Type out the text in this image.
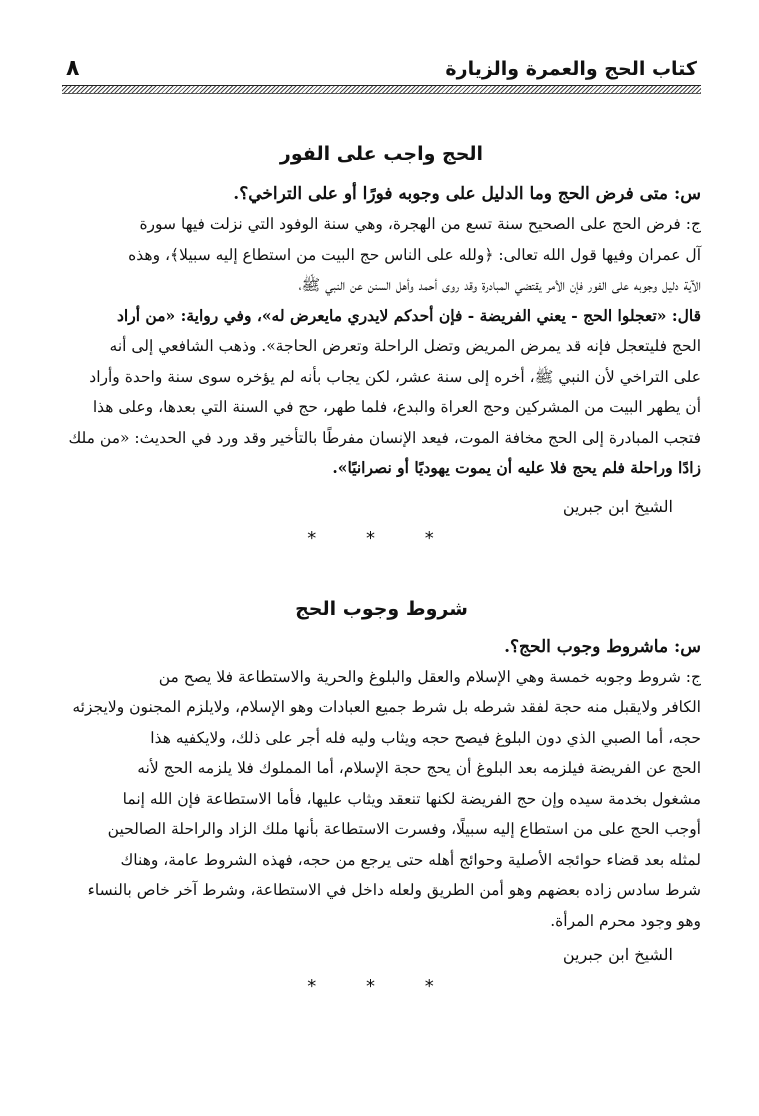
كتاب الحج والعمرة والزيارة
٨
الحج واجب على الفور

س: متى فرض الحج وما الدليل على وجوبه فورًا أو على التراخي؟.

ج: فرض الحج على الصحيح سنة تسع من الهجرة، وهي سنة الوفود التي نزلت فيها سورة
آل عمران وفيها قول الله تعالى: ﴿ولله على الناس حج البيت من استطاع إليه سبيلا﴾، وهذه
الآية دليل وجوبه على الفور فإن الأمر يقتضي المبادرة وقد روى أحمد وأهل السنن عن النبي ﷺ،
قال: «تعجلوا الحج - يعني الفريضة - فإن أحدكم لايدري مايعرض له»، وفي رواية: «من أراد
الحج فليتعجل فإنه قد يمرض المريض وتضل الراحلة وتعرض الحاجة». وذهب الشافعي إلى أنه
على التراخي لأن النبي ﷺ، أخره إلى سنة عشر، لكن يجاب بأنه لم يؤخره سوى سنة واحدة وأراد
أن يطهر البيت من المشركين وحج العراة والبدع، فلما طهر، حج في السنة التي بعدها، وعلى هذا
فتجب المبادرة إلى الحج مخافة الموت، فيعد الإنسان مفرطًا بالتأخير وقد ورد في الحديث: «من ملك
زادًا وراحلة فلم يحج فلا عليه أن يموت يهوديًا أو نصرانيًا».

الشيخ ابن جبرين

* * *

شروط وجوب الحج

س: ماشروط وجوب الحج؟.

ج: شروط وجوبه خمسة وهي الإسلام والعقل والبلوغ والحرية والاستطاعة فلا يصح من
الكافر ولايقبل منه حجة لفقد شرطه بل شرط جميع العبادات وهو الإسلام، ولايلزم المجنون ولايجزئه
حجه، أما الصبي الذي دون البلوغ فيصح حجه ويثاب وليه فله أجر على ذلك، ولايكفيه هذا
الحج عن الفريضة فيلزمه بعد البلوغ أن يحج حجة الإسلام، أما المملوك فلا يلزمه الحج لأنه
مشغول بخدمة سيده وإن حج الفريضة لكنها تنعقد ويثاب عليها، فأما الاستطاعة فإن الله إنما
أوجب الحج على من استطاع إليه سبيلًا، وفسرت الاستطاعة بأنها ملك الزاد والراحلة الصالحين
لمثله بعد قضاء حوائجه الأصلية وحوائج أهله حتى يرجع من حجه، فهذه الشروط عامة، وهناك
شرط سادس زاده بعضهم وهو أمن الطريق ولعله داخل في الاستطاعة، وشرط آخر خاص بالنساء
وهو وجود محرم المرأة.

الشيخ ابن جبرين

* * *
